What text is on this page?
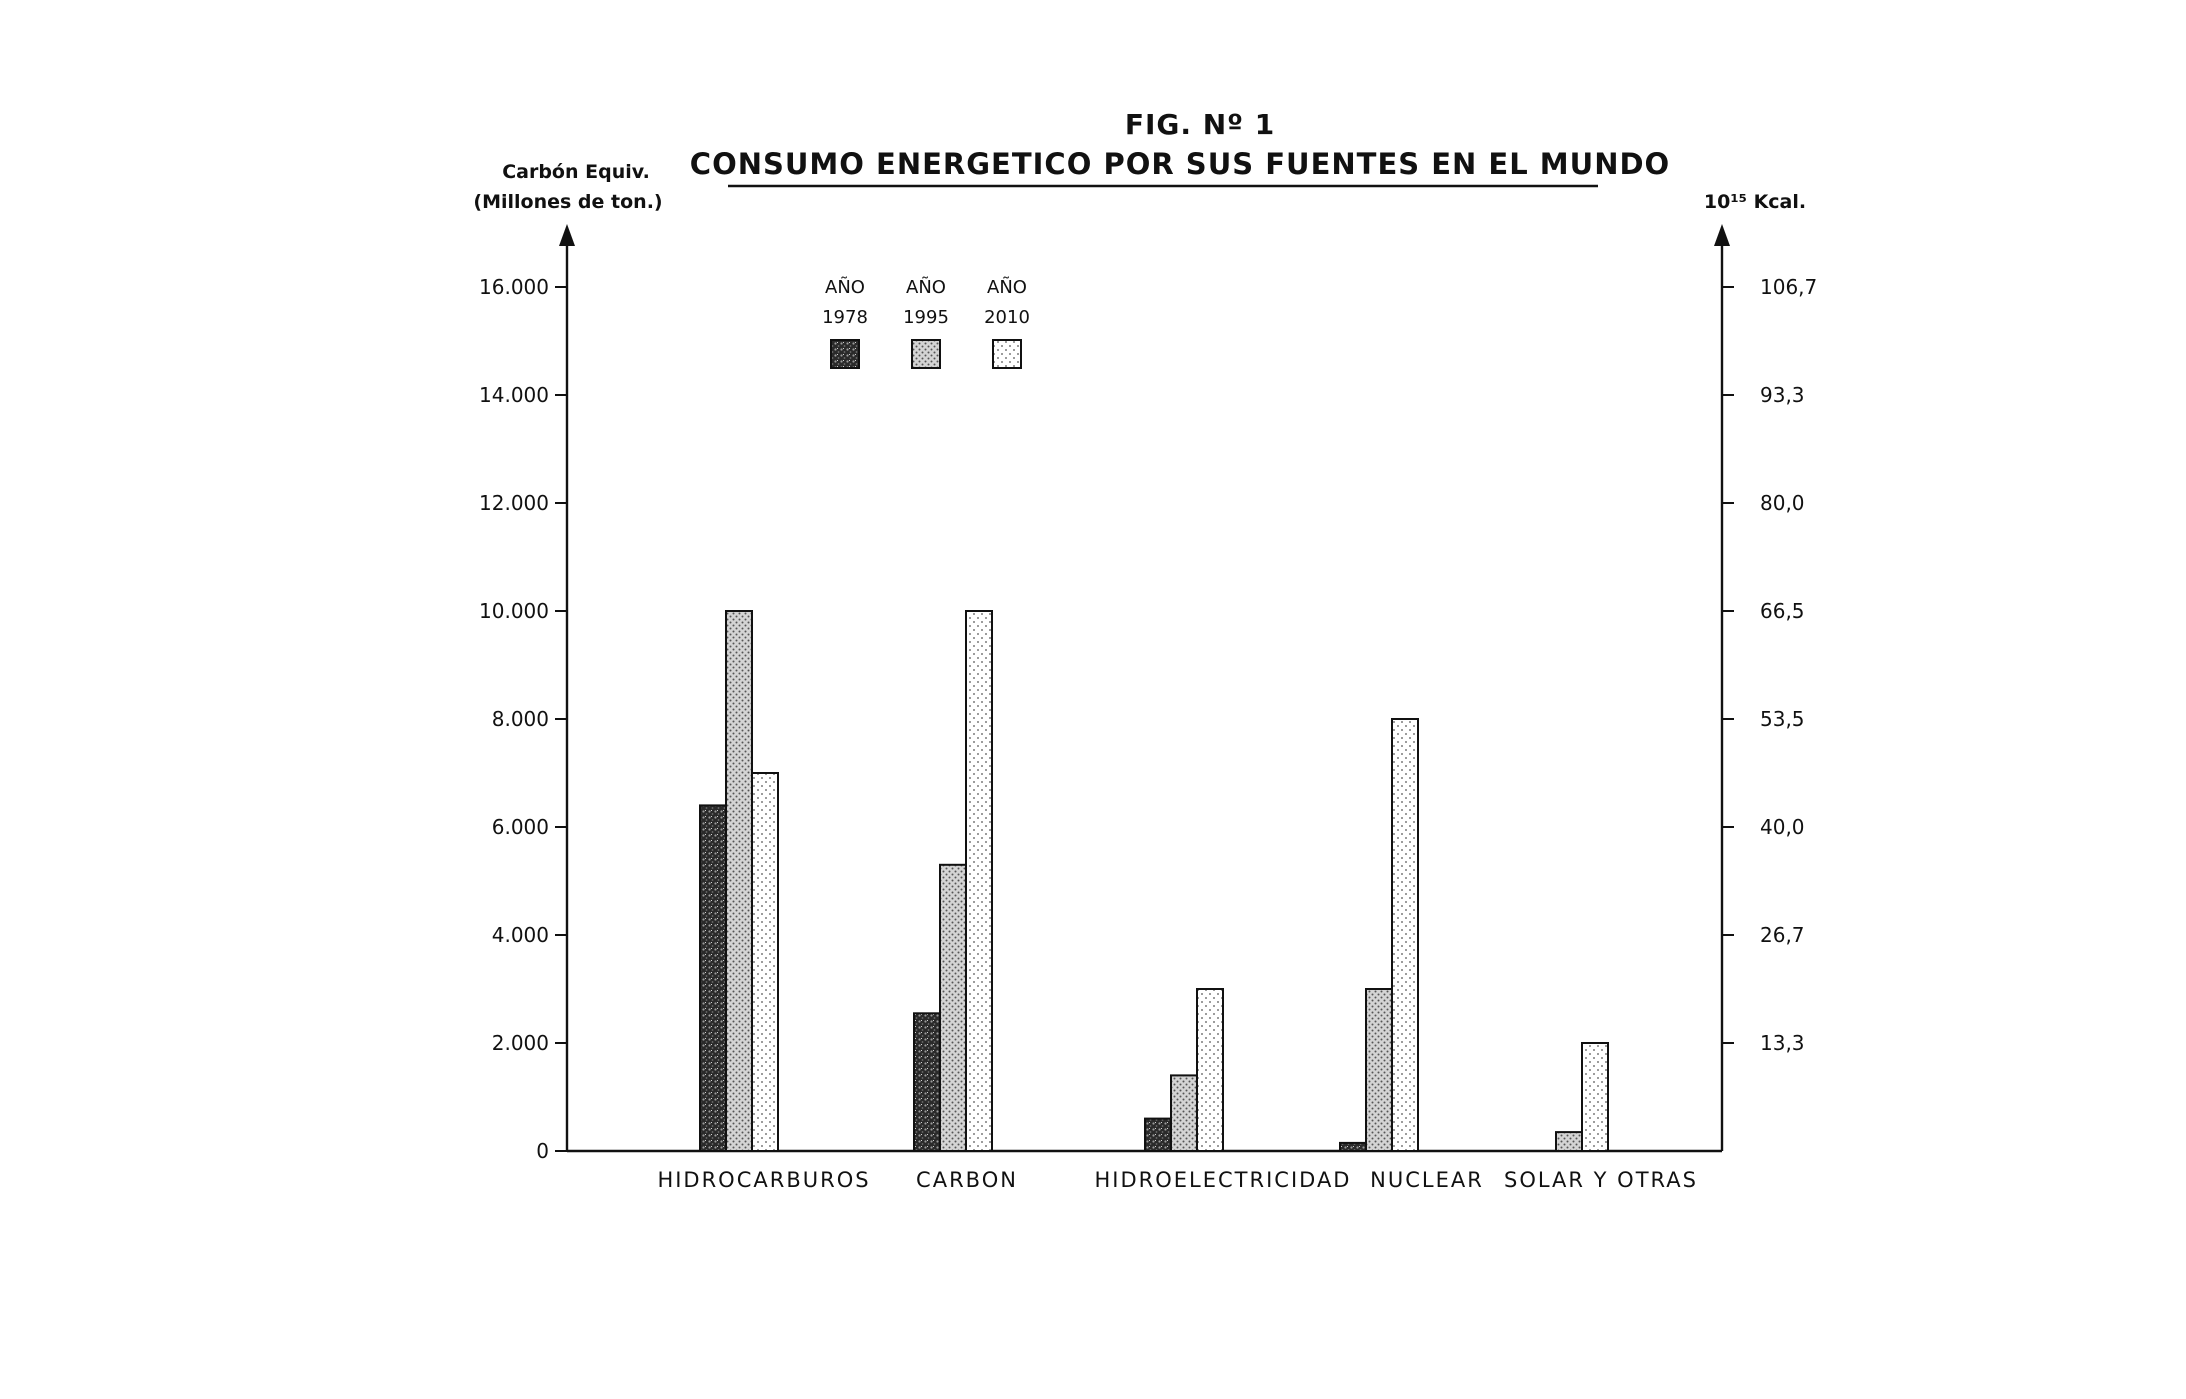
FIG. Nº 1
CONSUMO ENERGETICO POR SUS FUENTES EN EL MUNDO
Carbón Equiv.
(Millones de ton.)	10¹⁵ Kcal.
0
2.000
4.000
6.000
8.000
10.000
12.000
14.000
16.000
13,3
26,7
40,0
53,5
66,5
80,0
93,3
106,7
HIDROCARBUROS CARBON	HIDROELECTRICIDAD NUCLEAR SOLAR Y OTRAS
AÑO
1978
AÑO
1995
AÑO
2010
